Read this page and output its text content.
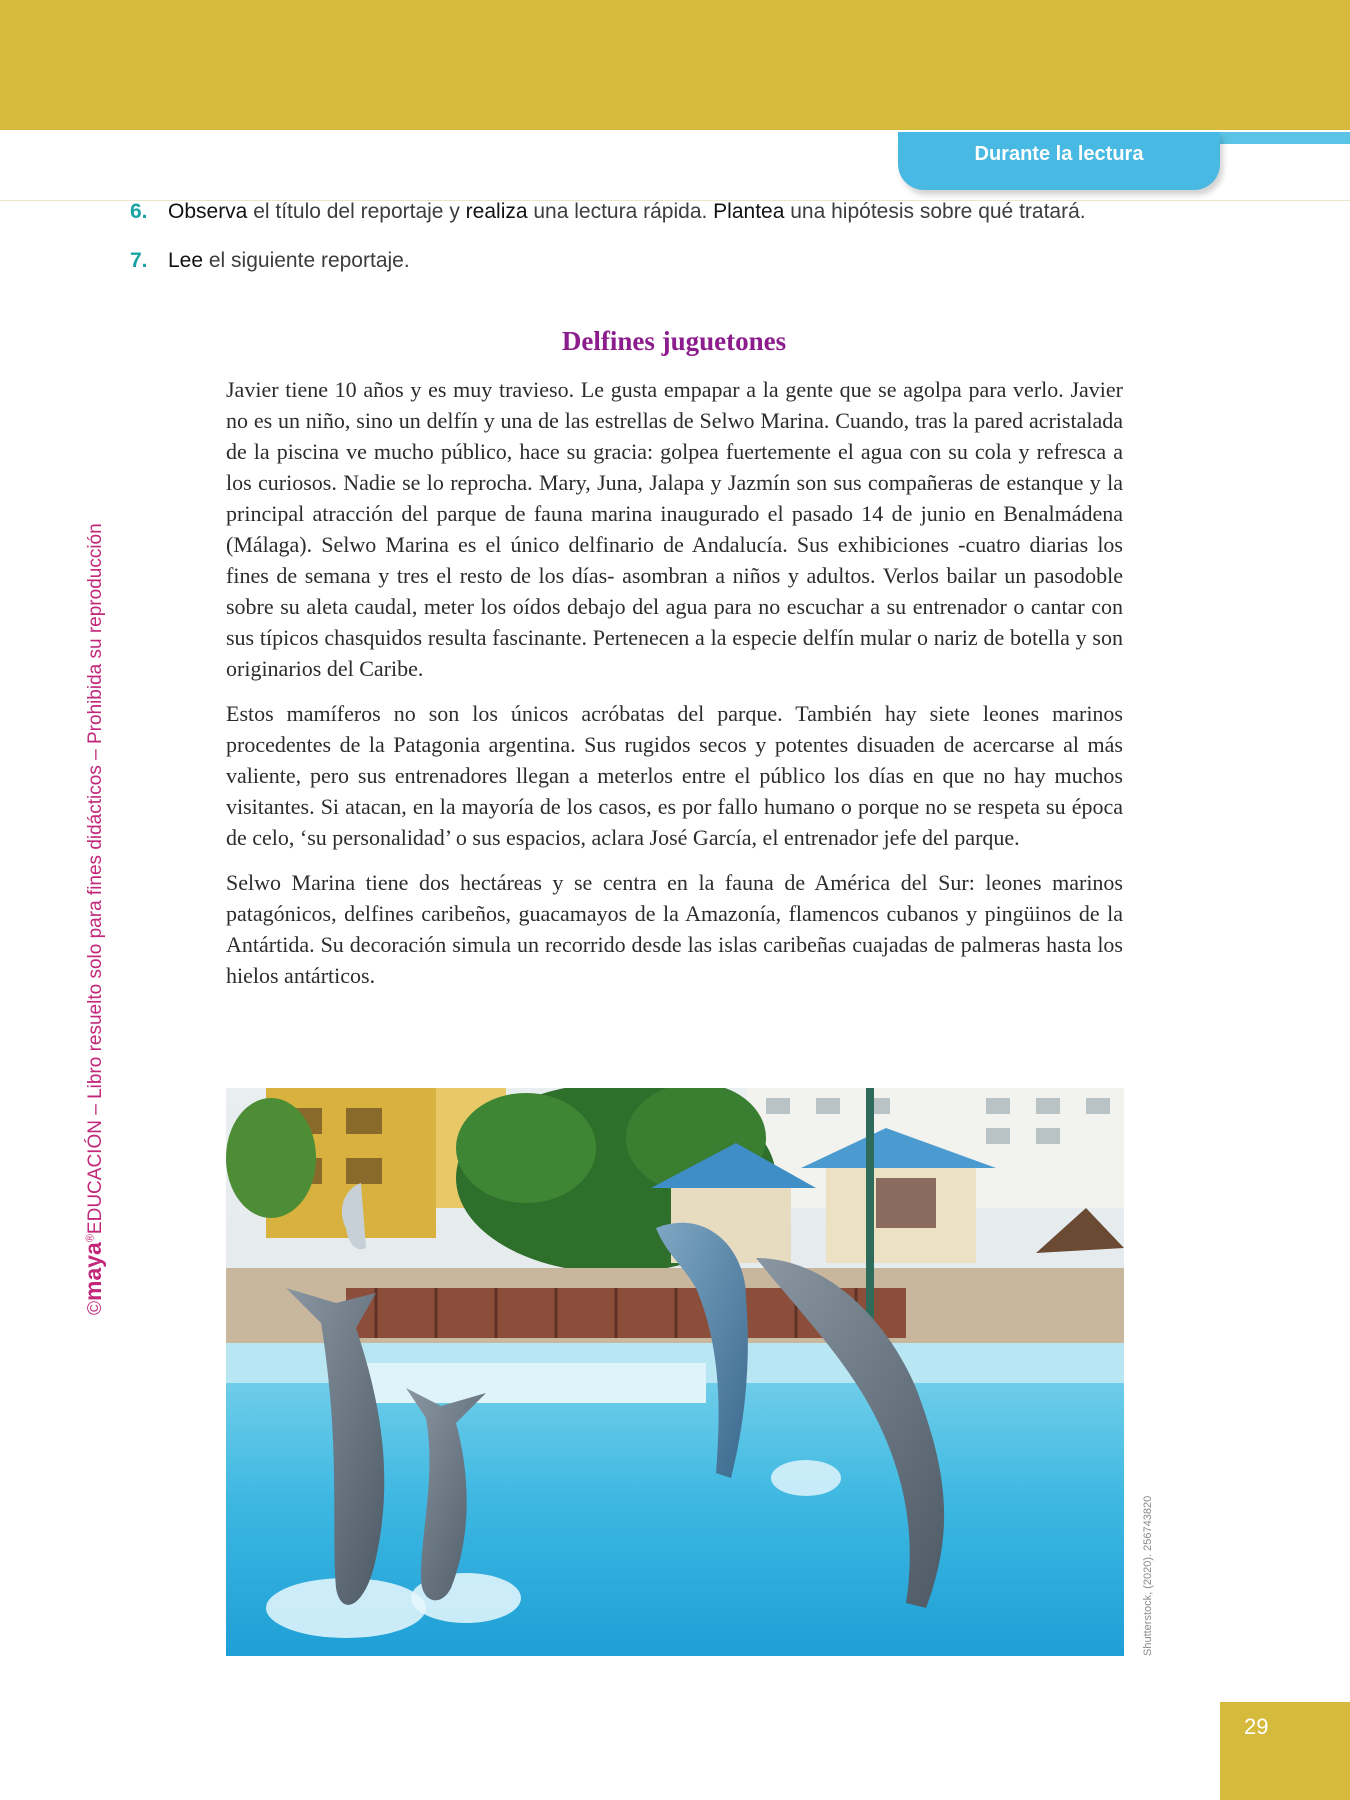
Durante la lectura
6. Observa el título del reportaje y realiza una lectura rápida. Plantea una hipótesis sobre qué tratará.
7. Lee el siguiente reportaje.
©maya®EDUCACIÓN – Libro resuelto solo para fines didácticos – Prohibida su reproducción
Delfines juguetones

Javier tiene 10 años y es muy travieso. Le gusta empapar a la gente que se agolpa para verlo. Javier no es un niño, sino un delfín y una de las estrellas de Selwo Marina. Cuando, tras la pared acristalada de la piscina ve mucho público, hace su gracia: golpea fuertemente el agua con su cola y refresca a los curiosos. Nadie se lo reprocha. Mary, Juna, Jalapa y Jazmín son sus compañeras de estanque y la principal atracción del parque de fauna marina inaugurado el pasado 14 de junio en Benalmádena (Málaga). Selwo Marina es el único delfinario de Andalucía. Sus exhibiciones -cuatro diarias los fines de semana y tres el resto de los días- asombran a niños y adultos. Verlos bailar un pasodoble sobre su aleta caudal, meter los oídos debajo del agua para no escuchar a su entrenador o cantar con sus típicos chasquidos resulta fascinante. Pertenecen a la especie delfín mular o nariz de botella y son originarios del Caribe.

Estos mamíferos no son los únicos acróbatas del parque. También hay siete leones marinos procedentes de la Patagonia argentina. Sus rugidos secos y potentes disuaden de acercarse al más valiente, pero sus entrenadores llegan a meterlos entre el público los días en que no hay muchos visitantes. Si atacan, en la mayoría de los casos, es por fallo humano o porque no se respeta su época de celo, ‘su personalidad’ o sus espacios, aclara José García, el entrenador jefe del parque.

Selwo Marina tiene dos hectáreas y se centra en la fauna de América del Sur: leones marinos patagónicos, delfines caribeños, guacamayos de la Amazonía, flamencos cubanos y pingüinos de la Antártida. Su decoración simula un recorrido desde las islas caribeñas cuajadas de palmeras hasta los hielos antárticos.

Shutterstock, (2020). 256743820
29
